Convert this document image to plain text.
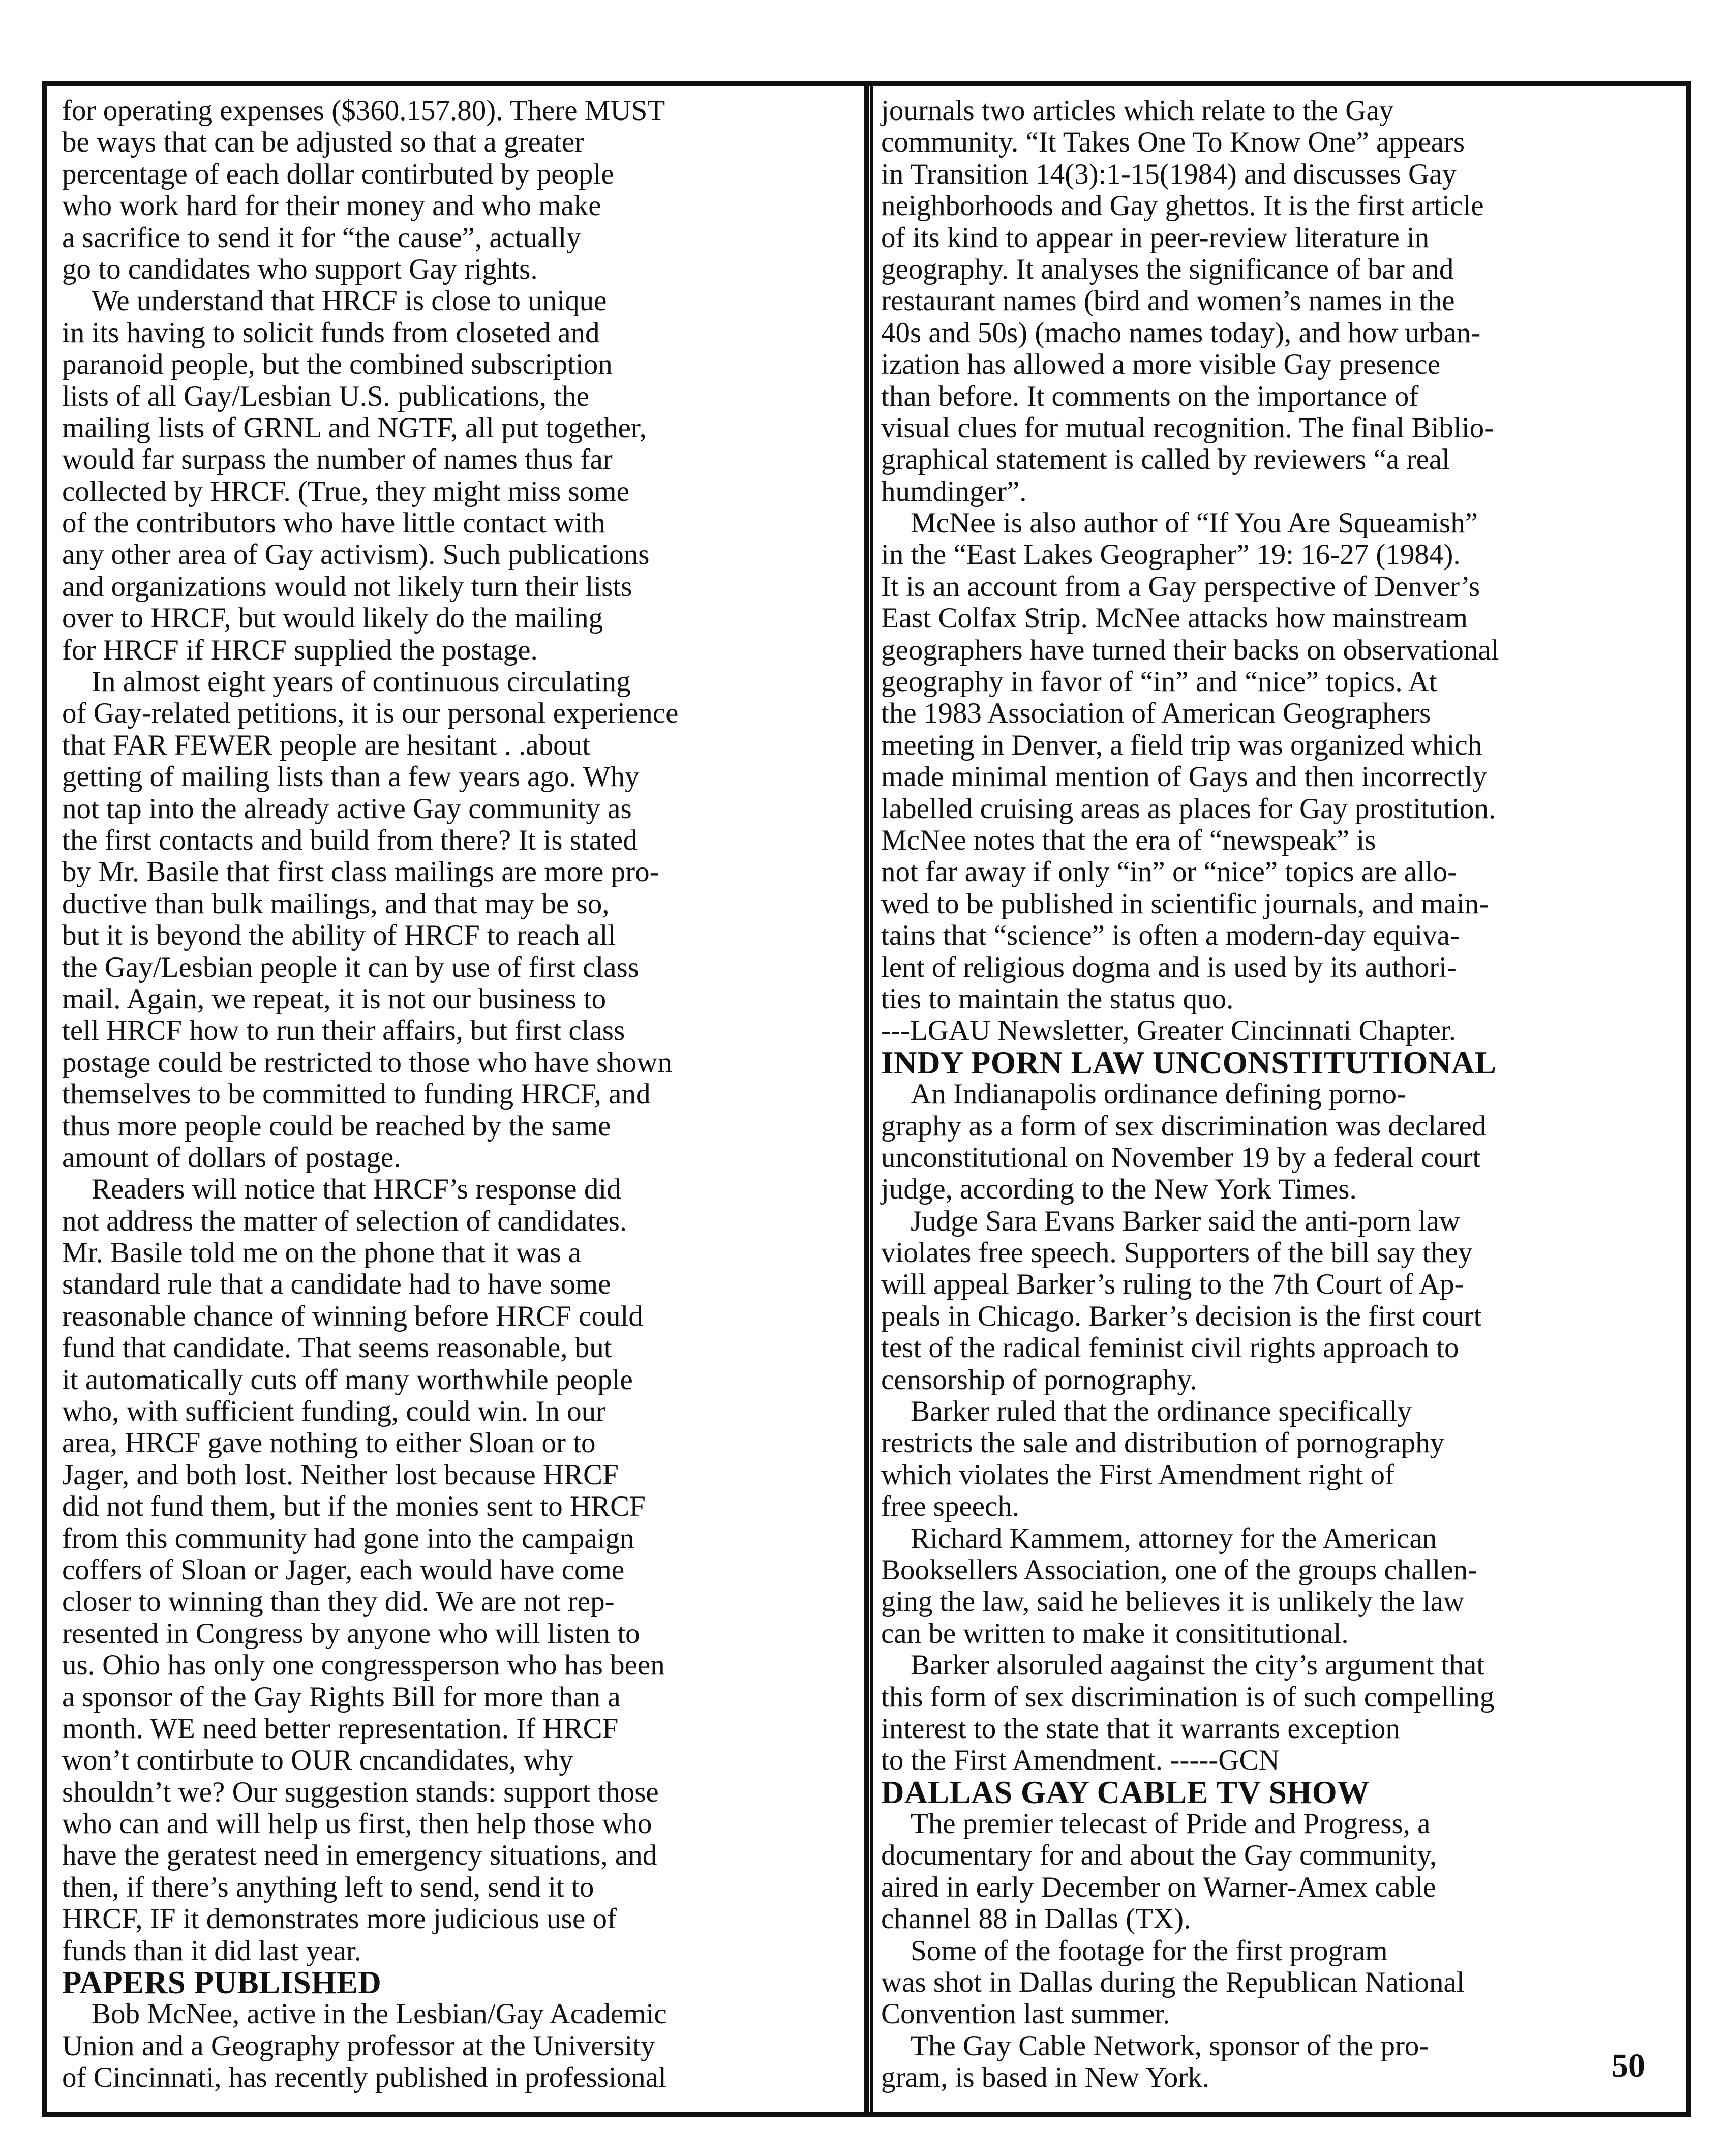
for operating expenses ($360.157.80). There MUST
be ways that can be adjusted so that a greater
percentage of each dollar contirbuted by people
who work hard for their money and who make
a sacrifice to send it for “the cause”, actually
go to candidates who support Gay rights.
We understand that HRCF is close to unique
in its having to solicit funds from closeted and
paranoid people, but the combined subscription
lists of all Gay/Lesbian U.S. publications, the
mailing lists of GRNL and NGTF, all put together,
would far surpass the number of names thus far
collected by HRCF. (True, they might miss some
of the contributors who have little contact with
any other area of Gay activism). Such publications
and organizations would not likely turn their lists
over to HRCF, but would likely do the mailing
for HRCF if HRCF supplied the postage.
In almost eight years of continuous circulating
of Gay-related petitions, it is our personal experience
that FAR FEWER people are hesitant . .about
getting of mailing lists than a few years ago. Why
not tap into the already active Gay community as
the first contacts and build from there? It is stated
by Mr. Basile that first class mailings are more pro-
ductive than bulk mailings, and that may be so,
but it is beyond the ability of HRCF to reach all
the Gay/Lesbian people it can by use of first class
mail. Again, we repeat, it is not our business to
tell HRCF how to run their affairs, but first class
postage could be restricted to those who have shown
themselves to be committed to funding HRCF, and
thus more people could be reached by the same
amount of dollars of postage.
Readers will notice that HRCF’s response did
not address the matter of selection of candidates.
Mr. Basile told me on the phone that it was a
standard rule that a candidate had to have some
reasonable chance of winning before HRCF could
fund that candidate. That seems reasonable, but
it automatically cuts off many worthwhile people
who, with sufficient funding, could win. In our
area, HRCF gave nothing to either Sloan or to
Jager, and both lost. Neither lost because HRCF
did not fund them, but if the monies sent to HRCF
from this community had gone into the campaign
coffers of Sloan or Jager, each would have come
closer to winning than they did. We are not rep-
resented in Congress by anyone who will listen to
us. Ohio has only one congressperson who has been
a sponsor of the Gay Rights Bill for more than a
month. WE need better representation. If HRCF
won’t contirbute to OUR cncandidates, why
shouldn’t we? Our suggestion stands: support those
who can and will help us first, then help those who
have the geratest need in emergency situations, and
then, if there’s anything left to send, send it to
HRCF, IF it demonstrates more judicious use of
funds than it did last year.
PAPERS PUBLISHED
Bob McNee, active in the Lesbian/Gay Academic
Union and a Geography professor at the University
of Cincinnati, has recently published in professional
journals two articles which relate to the Gay
community. “It Takes One To Know One” appears
in Transition 14(3):1-15(1984) and discusses Gay
neighborhoods and Gay ghettos. It is the first article
of its kind to appear in peer-review literature in
geography. It analyses the significance of bar and
restaurant names (bird and women’s names in the
40s and 50s) (macho names today), and how urban-
ization has allowed a more visible Gay presence
than before. It comments on the importance of
visual clues for mutual recognition. The final Biblio-
graphical statement is called by reviewers “a real
humdinger”.
McNee is also author of “If You Are Squeamish”
in the “East Lakes Geographer” 19: 16-27 (1984).
It is an account from a Gay perspective of Denver’s
East Colfax Strip. McNee attacks how mainstream
geographers have turned their backs on observational
geography in favor of “in” and “nice” topics. At
the 1983 Association of American Geographers
meeting in Denver, a field trip was organized which
made minimal mention of Gays and then incorrectly
labelled cruising areas as places for Gay prostitution.
McNee notes that the era of “newspeak” is
not far away if only “in” or “nice” topics are allo-
wed to be published in scientific journals, and main-
tains that “science” is often a modern-day equiva-
lent of religious dogma and is used by its authori-
ties to maintain the status quo.
---LGAU Newsletter, Greater Cincinnati Chapter.
INDY PORN LAW UNCONSTITUTIONAL
An Indianapolis ordinance defining porno-
graphy as a form of sex discrimination was declared
unconstitutional on November 19 by a federal court
judge, according to the New York Times.
Judge Sara Evans Barker said the anti-porn law
violates free speech. Supporters of the bill say they
will appeal Barker’s ruling to the 7th Court of Ap-
peals in Chicago. Barker’s decision is the first court
test of the radical feminist civil rights approach to
censorship of pornography.
Barker ruled that the ordinance specifically
restricts the sale and distribution of pornography
which violates the First Amendment right of
free speech.
Richard Kammem, attorney for the American
Booksellers Association, one of the groups challen-
ging the law, said he believes it is unlikely the law
can be written to make it consititutional.
Barker alsoruled aagainst the city’s argument that
this form of sex discrimination is of such compelling
interest to the state that it warrants exception
to the First Amendment. -----GCN
DALLAS GAY CABLE TV SHOW
The premier telecast of Pride and Progress, a
documentary for and about the Gay community,
aired in early December on Warner-Amex cable
channel 88 in Dallas (TX).
Some of the footage for the first program
was shot in Dallas during the Republican National
Convention last summer.
The Gay Cable Network, sponsor of the pro-
gram, is based in New York.	50
